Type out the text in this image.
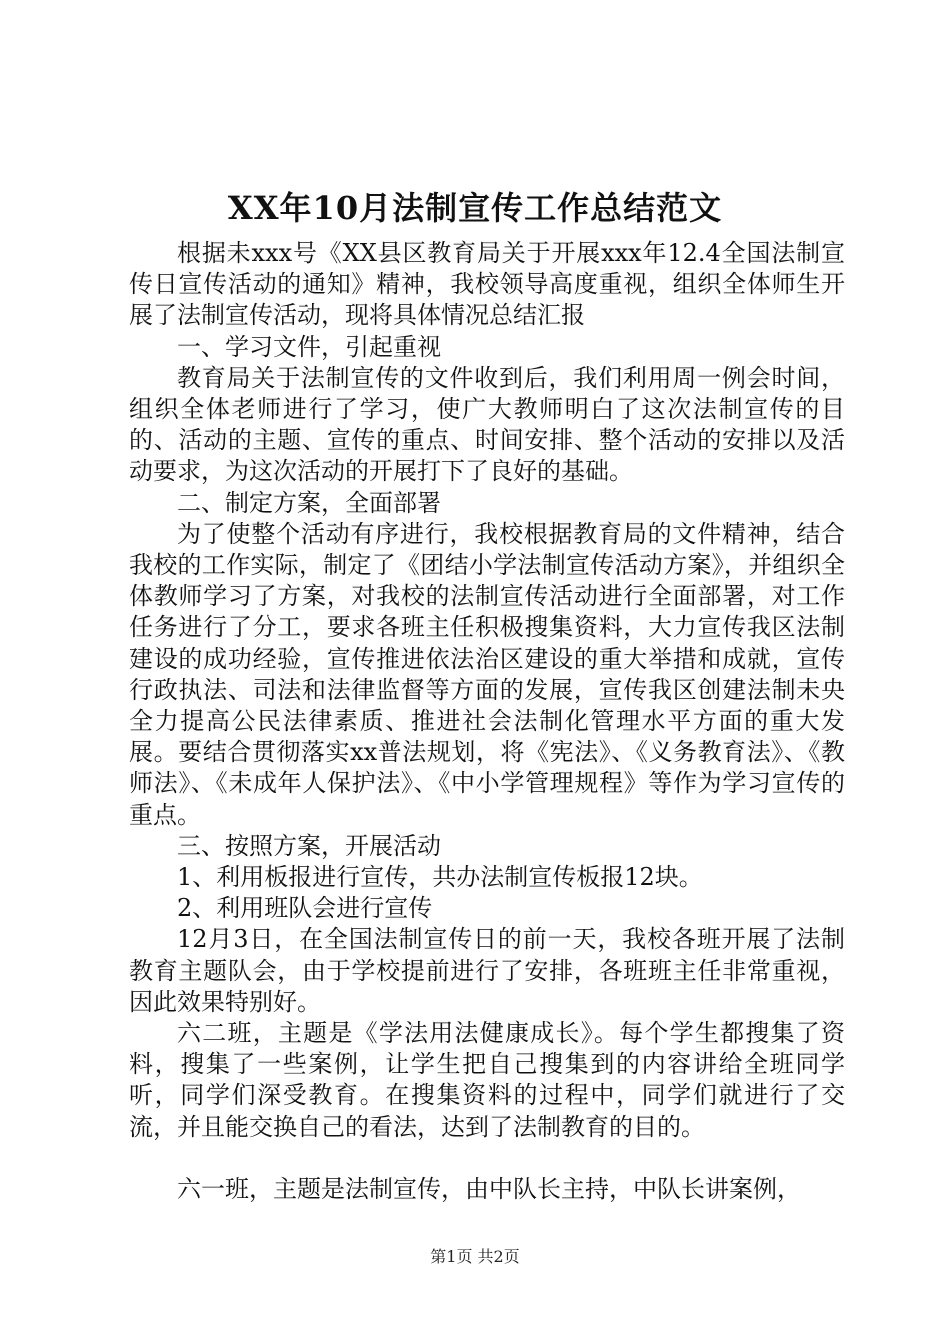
XX年10月法制宣传工作总结范文

根据未xxx号《XX县区教育局关于开展xxx年12.4全国法制宣传日宣传活动的通知》精神，我校领导高度重视，组织全体师生开展了法制宣传活动，现将具体情况总结汇报

一、学习文件，引起重视

教育局关于法制宣传的文件收到后，我们利用周一例会时间，组织全体老师进行了学习，使广大教师明白了这次法制宣传的目的、活动的主题、宣传的重点、时间安排、整个活动的安排以及活动要求，为这次活动的开展打下了良好的基础。

二、制定方案，全面部署

为了使整个活动有序进行，我校根据教育局的文件精神，结合我校的工作实际，制定了《团结小学法制宣传活动方案》，并组织全体教师学习了方案，对我校的法制宣传活动进行全面部署，对工作任务进行了分工，要求各班主任积极搜集资料，大力宣传我区法制建设的成功经验，宣传推进依法治区建设的重大举措和成就，宣传行政执法、司法和法律监督等方面的发展，宣传我区创建法制未央全力提高公民法律素质、推进社会法制化管理水平方面的重大发展。要结合贯彻落实xx普法规划，将《宪法》、《义务教育法》、《教师法》、《未成年人保护法》、《中小学管理规程》等作为学习宣传的重点。

三、按照方案，开展活动

1、利用板报进行宣传，共办法制宣传板报12块。

2、利用班队会进行宣传

12月3日，在全国法制宣传日的前一天，我校各班开展了法制教育主题队会，由于学校提前进行了安排，各班班主任非常重视，因此效果特别好。

六二班，主题是《学法用法健康成长》。每个学生都搜集了资料，搜集了一些案例，让学生把自己搜集到的内容讲给全班同学听，同学们深受教育。在搜集资料的过程中，同学们就进行了交流，并且能交换自己的看法，达到了法制教育的目的。

六一班，主题是法制宣传，由中队长主持，中队长讲案例，

第1页 共2页
